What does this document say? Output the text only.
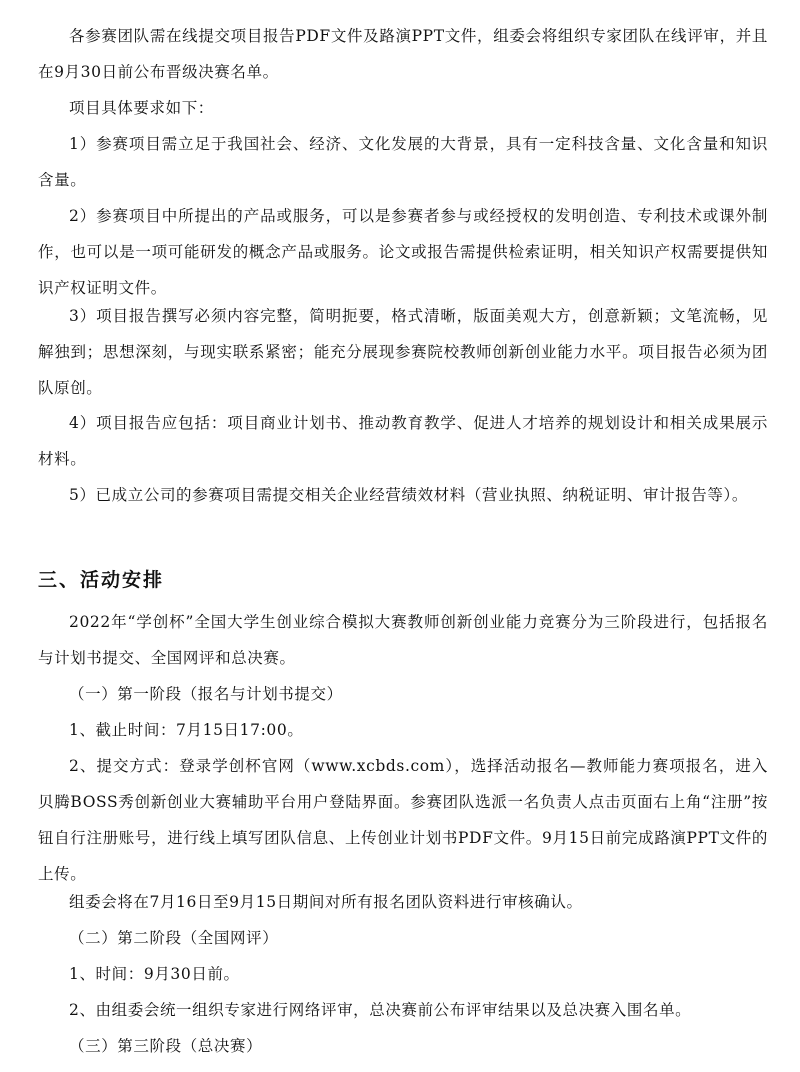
各参赛团队需在线提交项目报告PDF文件及路演PPT文件，组委会将组织专家团队在线评审，并且在9月30日前公布晋级决赛名单。

项目具体要求如下：

1）参赛项目需立足于我国社会、经济、文化发展的大背景，具有一定科技含量、文化含量和知识含量。

2）参赛项目中所提出的产品或服务，可以是参赛者参与或经授权的发明创造、专利技术或课外制作，也可以是一项可能研发的概念产品或服务。论文或报告需提供检索证明，相关知识产权需要提供知识产权证明文件。

3）项目报告撰写必须内容完整，简明扼要，格式清晰，版面美观大方，创意新颖；文笔流畅，见解独到；思想深刻，与现实联系紧密；能充分展现参赛院校教师创新创业能力水平。项目报告必须为团队原创。

4）项目报告应包括：项目商业计划书、推动教育教学、促进人才培养的规划设计和相关成果展示材料。

5）已成立公司的参赛项目需提交相关企业经营绩效材料（营业执照、纳税证明、审计报告等）。

三、活动安排

2022年“学创杯”全国大学生创业综合模拟大赛教师创新创业能力竞赛分为三阶段进行，包括报名与计划书提交、全国网评和总决赛。

（一）第一阶段（报名与计划书提交）

1、截止时间：7月15日17:00。

2、提交方式：登录学创杯官网（www.xcbds.com），选择活动报名—教师能力赛项报名，进入贝腾BOSS秀创新创业大赛辅助平台用户登陆界面。参赛团队选派一名负责人点击页面右上角“注册”按钮自行注册账号，进行线上填写团队信息、上传创业计划书PDF文件。9月15日前完成路演PPT文件的上传。

组委会将在7月16日至9月15日期间对所有报名团队资料进行审核确认。

（二）第二阶段（全国网评）

1、时间：9月30日前。

2、由组委会统一组织专家进行网络评审，总决赛前公布评审结果以及总决赛入围名单。

（三）第三阶段（总决赛）
